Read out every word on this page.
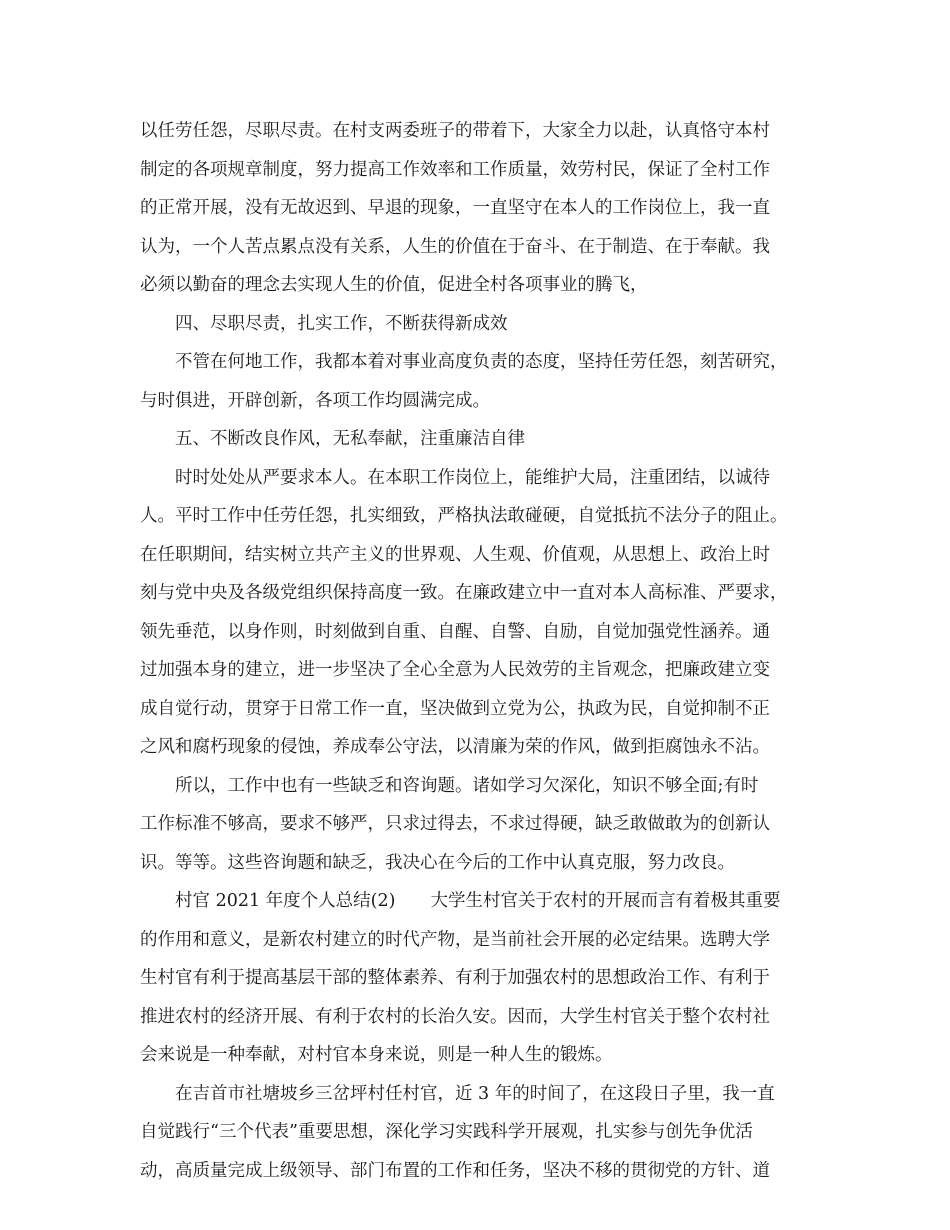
以任劳任怨，尽职尽责。在村支两委班子的带着下，大家全力以赴，认真恪守本村
制定的各项规章制度，努力提高工作效率和工作质量，效劳村民，保证了全村工作
的正常开展，没有无故迟到、早退的现象，一直坚守在本人的工作岗位上，我一直
认为，一个人苦点累点没有关系，人生的价值在于奋斗、在于制造、在于奉献。我
必须以勤奋的理念去实现人生的价值，促进全村各项事业的腾飞，
四、尽职尽责，扎实工作，不断获得新成效
不管在何地工作，我都本着对事业高度负责的态度，坚持任劳任怨，刻苦研究，
与时俱进，开辟创新，各项工作均圆满完成。
五、不断改良作风，无私奉献，注重廉洁自律
时时处处从严要求本人。在本职工作岗位上，能维护大局，注重团结，以诚待
人。平时工作中任劳任怨，扎实细致，严格执法敢碰硬，自觉抵抗不法分子的阻止。
在任职期间，结实树立共产主义的世界观、人生观、价值观，从思想上、政治上时
刻与党中央及各级党组织保持高度一致。在廉政建立中一直对本人高标准、严要求，
领先垂范，以身作则，时刻做到自重、自醒、自警、自励，自觉加强党性涵养。通
过加强本身的建立，进一步坚决了全心全意为人民效劳的主旨观念，把廉政建立变
成自觉行动，贯穿于日常工作一直，坚决做到立党为公，执政为民，自觉抑制不正
之风和腐朽现象的侵蚀，养成奉公守法，以清廉为荣的作风，做到拒腐蚀永不沾。
所以，工作中也有一些缺乏和咨询题。诸如学习欠深化，知识不够全面;有时
工作标准不够高，要求不够严，只求过得去，不求过得硬，缺乏敢做敢为的创新认
识。等等。这些咨询题和缺乏，我决心在今后的工作中认真克服，努力改良。
村官 2021 年度个人总结(2)　　大学生村官关于农村的开展而言有着极其重要
的作用和意义，是新农村建立的时代产物，是当前社会开展的必定结果。选聘大学
生村官有利于提高基层干部的整体素养、有利于加强农村的思想政治工作、有利于
推进农村的经济开展、有利于农村的长治久安。因而，大学生村官关于整个农村社
会来说是一种奉献，对村官本身来说，则是一种人生的锻炼。
在吉首市社塘坡乡三岔坪村任村官，近 3 年的时间了，在这段日子里，我一直
自觉践行“三个代表”重要思想，深化学习实践科学开展观，扎实参与创先争优活
动，高质量完成上级领导、部门布置的工作和任务，坚决不移的贯彻党的方针、道
